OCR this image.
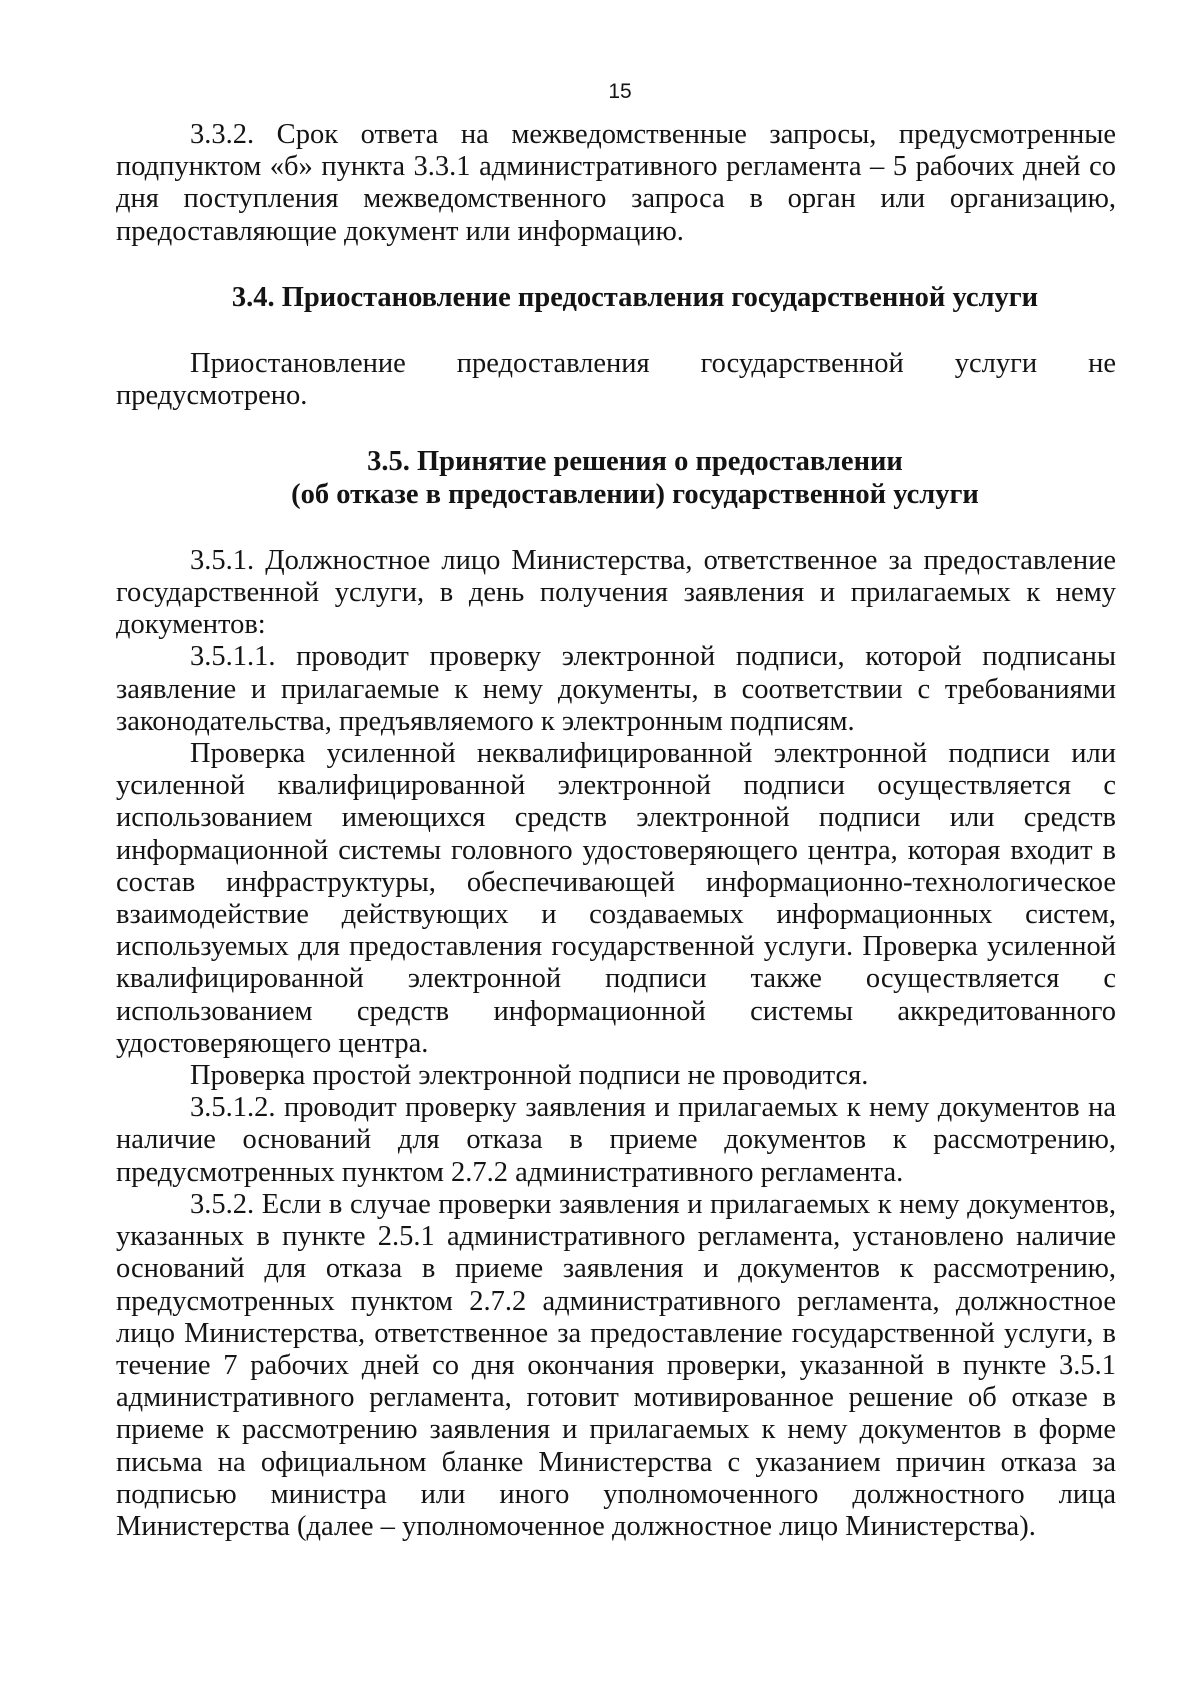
15

3.3.2. Срок ответа на межведомственные запросы, предусмотренные подпунктом «б» пункта 3.3.1 административного регламента – 5 рабочих дней со дня поступления межведомственного запроса в орган или организацию, предоставляющие документ или информацию.

3.4. Приостановление предоставления государственной услуги

Приостановление предоставления государственной услуги не предусмотрено.

3.5. Принятие решения о предоставлении

(об отказе в предоставлении) государственной услуги

3.5.1. Должностное лицо Министерства, ответственное за предоставление государственной услуги, в день получения заявления и прилагаемых к нему документов:

3.5.1.1. проводит проверку электронной подписи, которой подписаны заявление и прилагаемые к нему документы, в соответствии с требованиями законодательства, предъявляемого к электронным подписям.

Проверка усиленной неквалифицированной электронной подписи или усиленной квалифицированной электронной подписи осуществляется с использованием имеющихся средств электронной подписи или средств информационной системы головного удостоверяющего центра, которая входит в состав инфраструктуры, обеспечивающей информационно-технологическое взаимодействие действующих и создаваемых информационных систем, используемых для предоставления государственной услуги. Проверка усиленной квалифицированной электронной подписи также осуществляется с использованием средств информационной системы аккредитованного удостоверяющего центра.

Проверка простой электронной подписи не проводится.

3.5.1.2. проводит проверку заявления и прилагаемых к нему документов на наличие оснований для отказа в приеме документов к рассмотрению, предусмотренных пунктом 2.7.2 административного регламента.

3.5.2. Если в случае проверки заявления и прилагаемых к нему документов, указанных в пункте 2.5.1 административного регламента, установлено наличие оснований для отказа в приеме заявления и документов к рассмотрению, предусмотренных пунктом 2.7.2 административного регламента, должностное лицо Министерства, ответственное за предоставление государственной услуги, в течение 7 рабочих дней со дня окончания проверки, указанной в пункте 3.5.1 административного регламента, готовит мотивированное решение об отказе в приеме к рассмотрению заявления и прилагаемых к нему документов в форме письма на официальном бланке Министерства с указанием причин отказа за подписью министра или иного уполномоченного должностного лица Министерства (далее – уполномоченное должностное лицо Министерства).
